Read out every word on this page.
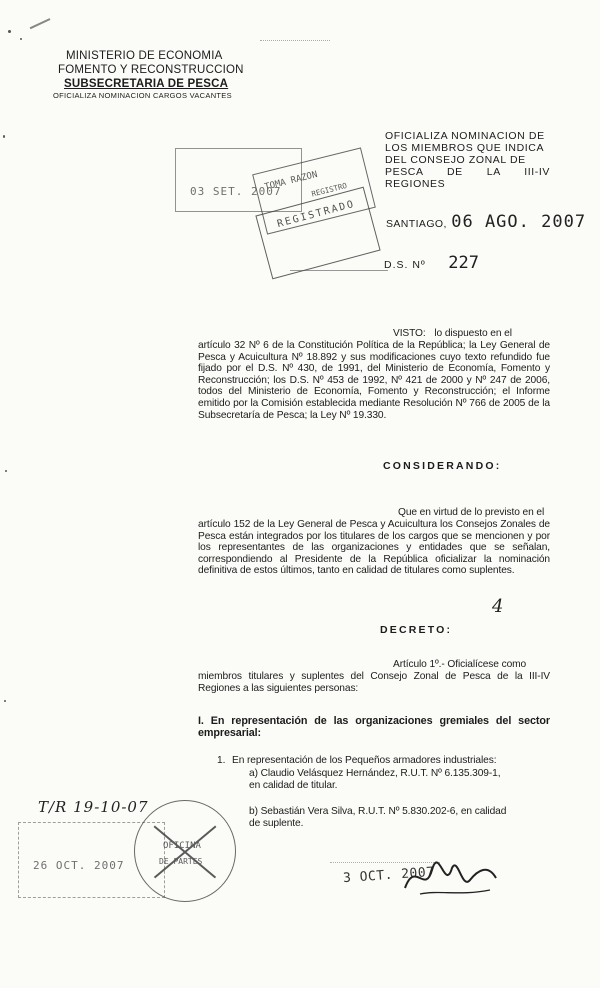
MINISTERIO DE ECONOMIA
FOMENTO Y RECONSTRUCCION
SUBSECRETARIA DE PESCA
OFICIALIZA NOMINACION CARGOS VACANTES
OFICIALIZA NOMINACION DE
LOS MIEMBROS QUE INDICA
DEL CONSEJO ZONAL DE
PESCA DE LA III-IV REGIONES
03 SET. 2007
TOMA RAZON
REGISTRO
REGISTRADO	SANTIAGO, 06 AGO. 2007
D.S. Nº 227
VISTO: lo dispuesto en el
artículo 32 Nº 6 de la Constitución Política de la República; la Ley General de Pesca y Acuicultura Nº 18.892 y sus modificaciones cuyo texto refundido fue fijado por el D.S. Nº 430, de 1991, del Ministerio de Economía, Fomento y Reconstrucción; los D.S. Nº 453 de 1992, Nº 421 de 2000 y Nº 247 de 2006, todos del Ministerio de Economía, Fomento y Reconstrucción; el Informe emitido por la Comisión establecida mediante Resolución Nº 766 de 2005 de la Subsecretaría de Pesca; la Ley Nº 19.330.
CONSIDERANDO:
Que en virtud de lo previsto en el
artículo 152 de la Ley General de Pesca y Acuicultura los Consejos Zonales de Pesca están integrados por los titulares de los cargos que se mencionen y por los representantes de las organizaciones y entidades que se señalan, correspondiendo al Presidente de la República oficializar la nominación definitiva de estos últimos, tanto en calidad de titulares como suplentes.
4
DECRETO:
Artículo 1º.- Oficialícese como
miembros titulares y suplentes del Consejo Zonal de Pesca de la III-IV Regiones a las siguientes personas:
I. En representación de las organizaciones gremiales del sector empresarial:
1. En representación de los Pequeños armadores industriales:
a) Claudio Velásquez Hernández, R.U.T. Nº 6.135.309-1,
en calidad de titular.
b) Sebastián Vera Silva, R.U.T. Nº 5.830.202-6, en calidad
de suplente.
T/R 19-10-07
26 OCT. 2007
OFICINA
DE PARTES
3 OCT. 2007
